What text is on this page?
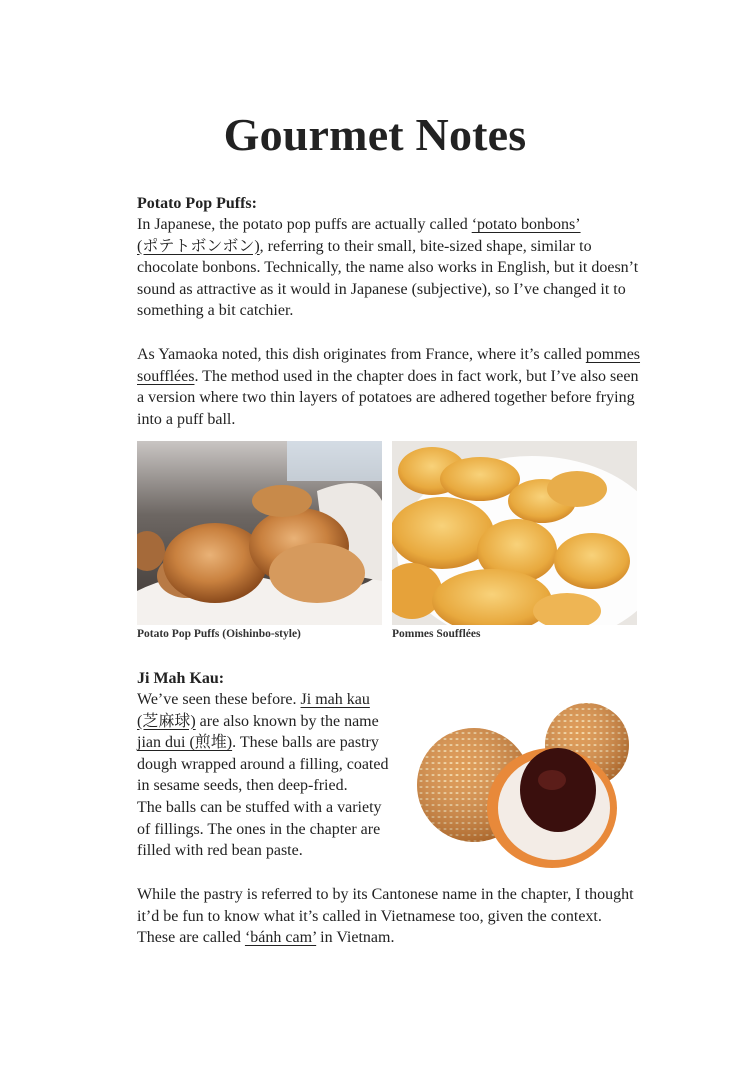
Gourmet Notes

Potato Pop Puffs:

In Japanese, the potato pop puffs are actually called ‘potato bonbons’
(ポテトボンボン), referring to their small, bite-sized shape, similar to chocolate bonbons. Technically, the name also works in English, but it doesn’t sound as attractive as it would in Japanese (subjective), so I’ve changed it to something a bit catchier.

As Yamaoka noted, this dish originates from France, where it’s called pommes soufflées. The method used in the chapter does in fact work, but I’ve also seen a version where two thin layers of potatoes are adhered together before frying into a puff ball.

Potato Pop Puffs (Oishinbo-style)	Pommes Soufflées

Ji Mah Kau:

We’ve seen these before. Ji mah kau
(芝麻球) are also known by the name
jian dui (煎堆). These balls are pastry
dough wrapped around a filling, coated
in sesame seeds, then deep-fried.
The balls can be stuffed with a variety
of fillings. The ones in the chapter are
filled with red bean paste.

While the pastry is referred to by its Cantonese name in the chapter, I thought it’d be fun to know what it’s called in Vietnamese too, given the context. These are called ‘bánh cam’ in Vietnam.
